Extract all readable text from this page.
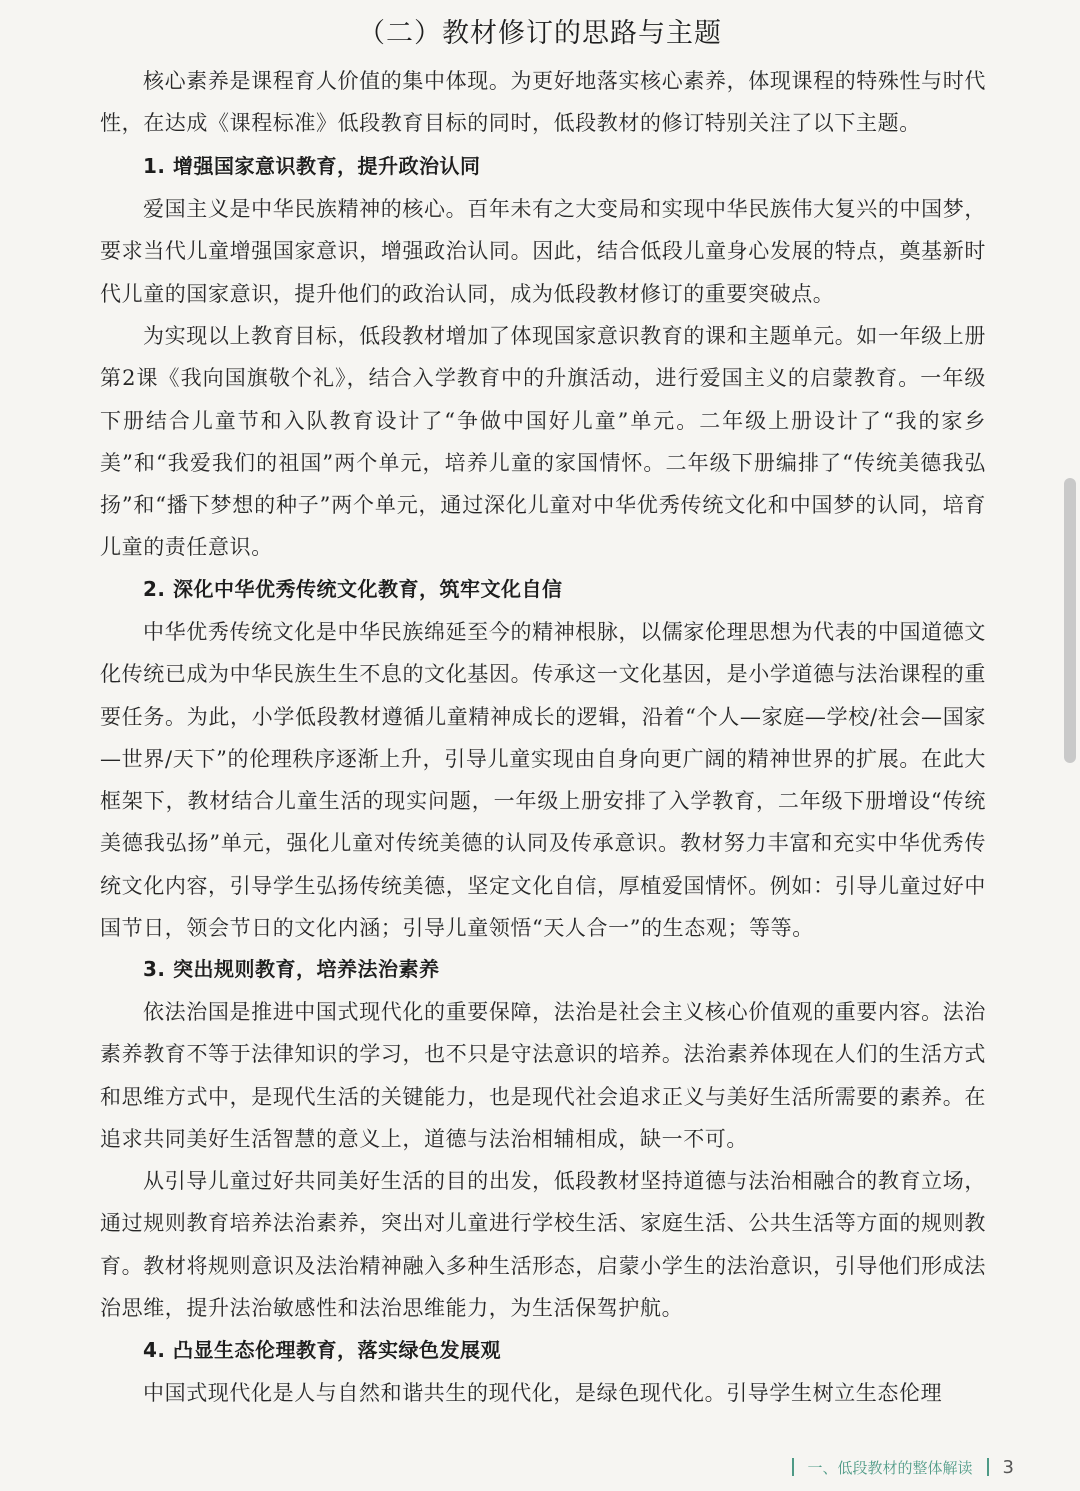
（二）教材修订的思路与主题

核心素养是课程育人价值的集中体现。为更好地落实核心素养，体现课程的特殊性与时代性，在达成《课程标准》低段教育目标的同时，低段教材的修订特别关注了以下主题。

1. 增强国家意识教育，提升政治认同

爱国主义是中华民族精神的核心。百年未有之大变局和实现中华民族伟大复兴的中国梦，要求当代儿童增强国家意识，增强政治认同。因此，结合低段儿童身心发展的特点，奠基新时代儿童的国家意识，提升他们的政治认同，成为低段教材修订的重要突破点。

为实现以上教育目标，低段教材增加了体现国家意识教育的课和主题单元。如一年级上册第2课《我向国旗敬个礼》，结合入学教育中的升旗活动，进行爱国主义的启蒙教育。一年级下册结合儿童节和入队教育设计了“争做中国好儿童”单元。二年级上册设计了“我的家乡美”和“我爱我们的祖国”两个单元，培养儿童的家国情怀。二年级下册编排了“传统美德我弘扬”和“播下梦想的种子”两个单元，通过深化儿童对中华优秀传统文化和中国梦的认同，培育儿童的责任意识。

2. 深化中华优秀传统文化教育，筑牢文化自信

中华优秀传统文化是中华民族绵延至今的精神根脉，以儒家伦理思想为代表的中国道德文化传统已成为中华民族生生不息的文化基因。传承这一文化基因，是小学道德与法治课程的重要任务。为此，小学低段教材遵循儿童精神成长的逻辑，沿着“个人—家庭—学校/社会—国家—世界/天下”的伦理秩序逐渐上升，引导儿童实现由自身向更广阔的精神世界的扩展。在此大框架下，教材结合儿童生活的现实问题，一年级上册安排了入学教育，二年级下册增设“传统美德我弘扬”单元，强化儿童对传统美德的认同及传承意识。教材努力丰富和充实中华优秀传统文化内容，引导学生弘扬传统美德，坚定文化自信，厚植爱国情怀。例如：引导儿童过好中国节日，领会节日的文化内涵；引导儿童领悟“天人合一”的生态观；等等。

3. 突出规则教育，培养法治素养

依法治国是推进中国式现代化的重要保障，法治是社会主义核心价值观的重要内容。法治素养教育不等于法律知识的学习，也不只是守法意识的培养。法治素养体现在人们的生活方式和思维方式中，是现代生活的关键能力，也是现代社会追求正义与美好生活所需要的素养。在追求共同美好生活智慧的意义上，道德与法治相辅相成，缺一不可。

从引导儿童过好共同美好生活的目的出发，低段教材坚持道德与法治相融合的教育立场，通过规则教育培养法治素养，突出对儿童进行学校生活、家庭生活、公共生活等方面的规则教育。教材将规则意识及法治精神融入多种生活形态，启蒙小学生的法治意识，引导他们形成法治思维，提升法治敏感性和法治思维能力，为生活保驾护航。

4. 凸显生态伦理教育，落实绿色发展观

中国式现代化是人与自然和谐共生的现代化，是绿色现代化。引导学生树立生态伦理

一、低段教材的整体解读 3
